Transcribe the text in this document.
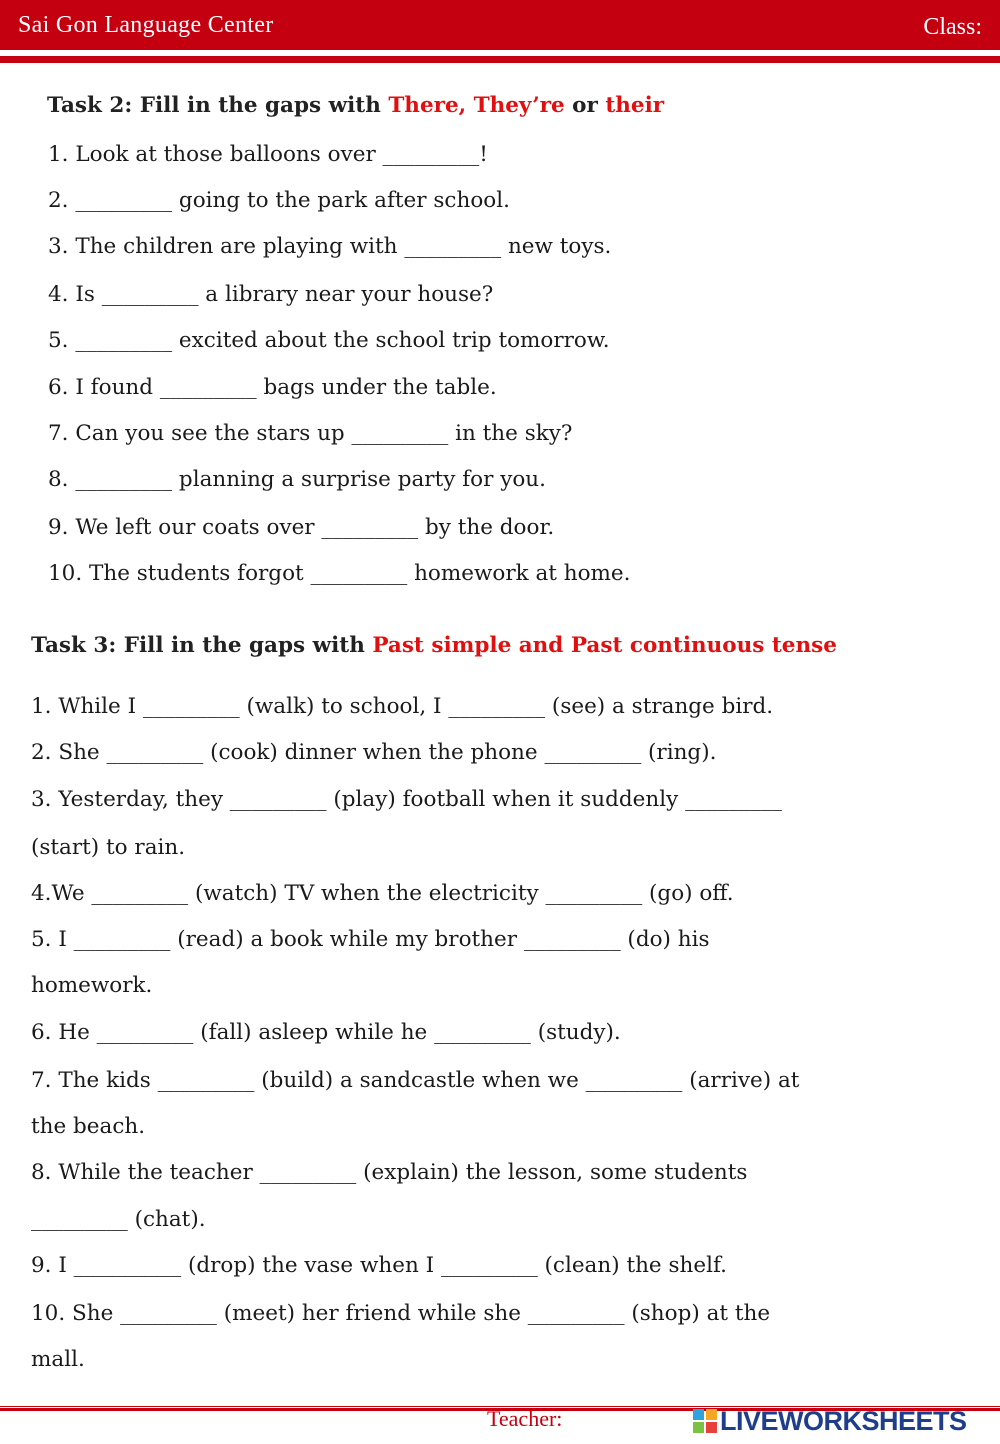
Sai Gon Language Center	Class:
Task 2: Fill in the gaps with There, They’re or their
1. Look at those balloons over _________!
2. _________ going to the park after school.
3. The children are playing with _________ new toys.
4. Is _________ a library near your house?
5. _________ excited about the school trip tomorrow.
6. I found _________ bags under the table.
7. Can you see the stars up _________ in the sky?
8. _________ planning a surprise party for you.
9. We left our coats over _________ by the door.
10. The students forgot _________ homework at home.
Task 3: Fill in the gaps with Past simple and Past continuous tense
1. While I _________ (walk) to school, I _________ (see) a strange bird.
2. She _________ (cook) dinner when the phone _________ (ring).
3. Yesterday, they _________ (play) football when it suddenly _________
(start) to rain.
4.We _________ (watch) TV when the electricity _________ (go) off.
5. I _________ (read) a book while my brother _________ (do) his
homework.
6. He _________ (fall) asleep while he _________ (study).
7. The kids _________ (build) a sandcastle when we _________ (arrive) at
the beach.
8. While the teacher _________ (explain) the lesson, some students
_________ (chat).
9. I __________ (drop) the vase when I _________ (clean) the shelf.
10. She _________ (meet) her friend while she _________ (shop) at the
mall.
Teacher:	LIVEWORKSHEETS
